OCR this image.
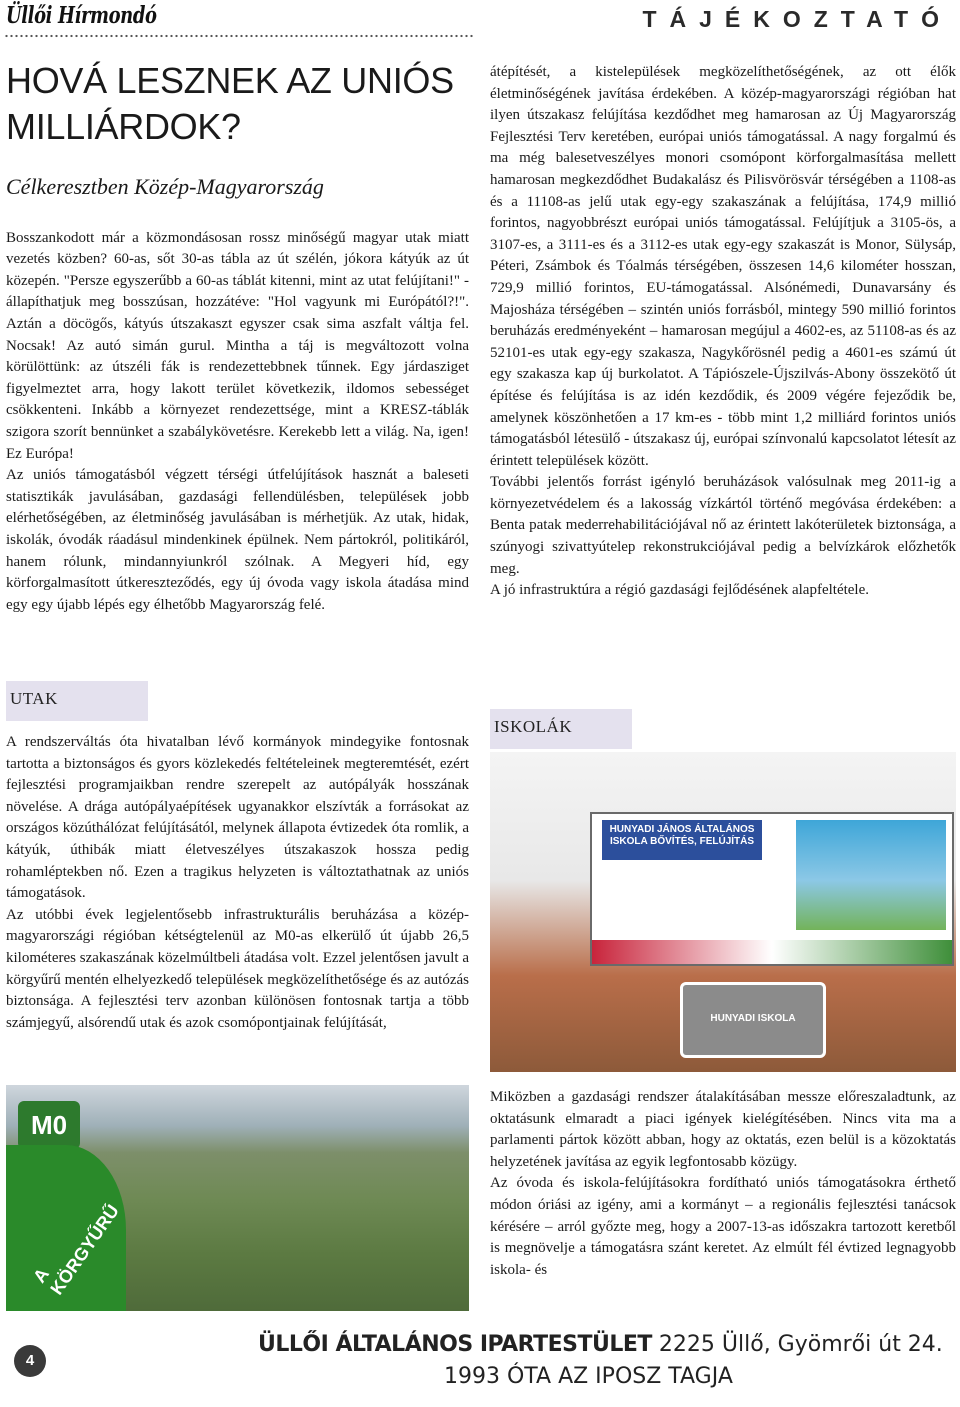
Üllői Hírmondó	TÁJÉKOZTATÓ
HOVÁ LESZNEK AZ UNIÓS MILLIÁRDOK?
Célkeresztben Közép-Magyarország

Bosszankodott már a közmondásosan rossz minőségű magyar utak miatt vezetés közben? 60-as, sőt 30-as tábla az út szélén, jókora kátyúk az út közepén. "Persze egyszerűbb a 60-as táblát kitenni, mint az utat felújítani!" - állapíthatjuk meg bosszúsan, hozzátéve: "Hol vagyunk mi Európától?!". Aztán a döcögős, kátyús útszakaszt egyszer csak sima aszfalt váltja fel. Nocsak! Az autó simán gurul. Mintha a táj is megváltozott volna körülöttünk: az útszéli fák is rendezettebbnek tűnnek. Egy járdasziget figyelmeztet arra, hogy lakott terület következik, ildomos sebességet csökkenteni. Inkább a környezet rendezettsége, mint a KRESZ-táblák szigora szorít bennünket a szabálykövetésre. Kerekebb lett a világ. Na, igen! Ez Európa!

Az uniós támogatásból végzett térségi útfelújítások hasznát a baleseti statisztikák javulásában, gazdasági fellendülésben, települések jobb elérhetőségében, az életminőség javulásában is mérhetjük. Az utak, hidak, iskolák, óvodák ráadásul mindenkinek épülnek. Nem pártokról, politikáról, hanem rólunk, mindannyiunkról szólnak. A Megyeri híd, egy körforgalmasított útkereszteződés, egy új óvoda vagy iskola átadása mind egy egy újabb lépés egy élhetőbb Magyarország felé.

UTAK

A rendszerváltás óta hivatalban lévő kormányok mindegyike fontosnak tartotta a biztonságos és gyors közlekedés feltételeinek megteremtését, ezért fejlesztési programjaikban rendre szerepelt az autópályák hosszának növelése. A drága autópályaépítések ugyanakkor elszívták a forrásokat az országos közúthálózat felújításától, melynek állapota évtizedek óta romlik, a kátyúk, úthibák miatt életveszélyes útszakaszok hossza pedig rohamléptekben nő. Ezen a tragikus helyzeten is változtathatnak az uniós támogatások.

Az utóbbi évek legjelentősebb infrastrukturális beruházása a közép-magyarországi régióban kétségtelenül az M0-as elkerülő út újabb 26,5 kilométeres szakaszának közelmúltbeli átadása volt. Ezzel jelentősen javult a körgyűrű mentén elhelyezkedő települések megközelíthetősége és az autózás biztonsága. A fejlesztési terv azonban különösen fontosnak tartja a több számjegyű, alsórendű utak és azok csomópontjainak felújítását,

M0
A KÖRGYŰRŰ

átépítését, a kistelepülések megközelíthetőségének, az ott élők életminőségének javítása érdekében. A közép-magyarországi régióban hat ilyen útszakasz felújítása kezdődhet meg hamarosan az Új Magyarország Fejlesztési Terv keretében, európai uniós támogatással. A nagy forgalmú és ma még balesetveszélyes monori csomópont körforgalmasítása mellett hamarosan megkezdődhet Budakalász és Pilisvörösvár térségében a 1108-as és a 11108-as jelű utak egy-egy szakaszának a felújítása, 174,9 millió forintos, nagyobbrészt európai uniós támogatással. Felújítjuk a 3105-ös, a 3107-es, a 3111-es és a 3112-es utak egy-egy szakaszát is Monor, Sülysáp, Péteri, Zsámbok és Tóalmás térségében, összesen 14,6 kilométer hosszan, 729,9 millió forintos, EU-támogatással. Alsónémedi, Dunavarsány és Majosháza térségében – szintén uniós forrásból, mintegy 590 millió forintos beruházás eredményeként – hamarosan megújul a 4602-es, az 51108-as és az 52101-es utak egy-egy szakasza, Nagykőrösnél pedig a 4601-es számú út egy szakasza kap új burkolatot. A Tápiószele-Újszilvás-Abony összekötő út építése és felújítása is az idén kezdődik, és 2009 végére fejeződik be, amelynek köszönhetően a 17 km-es - több mint 1,2 milliárd forintos uniós támogatásból létesülő - útszakasz új, európai színvonalú kapcsolatot létesít az érintett települések között.

További jelentős forrást igényló beruházások valósulnak meg 2011-ig a környezetvédelem és a lakosság vízkártól történő megóvása érdekében: a Benta patak mederrehabilitációjával nő az érintett lakóterületek biztonsága, a szúnyogi szivattyútelep rekonstrukciójával pedig a belvízkárok előzhetők meg.

A jó infrastruktúra a régió gazdasági fejlődésének alapfeltétele.

ISKOLÁK
HUNYADI JÁNOS ÁLTALÁNOS ISKOLA BŐVÍTÉS, FELÚJÍTÁS
HUNYADI ISKOLA

Miközben a gazdasági rendszer átalakításában messze előreszaladtunk, az oktatásunk elmaradt a piaci igények kielégítésében. Nincs vita ma a parlamenti pártok között abban, hogy az oktatás, ezen belül is a közoktatás helyzetének javítása az egyik legfontosabb közügy.

Az óvoda és iskola-felújításokra fordítható uniós támogatásokra érthető módon óriási az igény, ami a kormányt – a regionális fejlesztési tanácsok kérésére – arról győzte meg, hogy a 2007-13-as időszakra tartozott keretből is megnövelje a támogatásra szánt keretet. Az elmúlt fél évtized legnagyobb iskola- és

4
ÜLLŐI ÁLTALÁNOS IPARTESTÜLET 2225 Üllő, Gyömrői út 24.
1993 ÓTA AZ IPOSZ TAGJA
